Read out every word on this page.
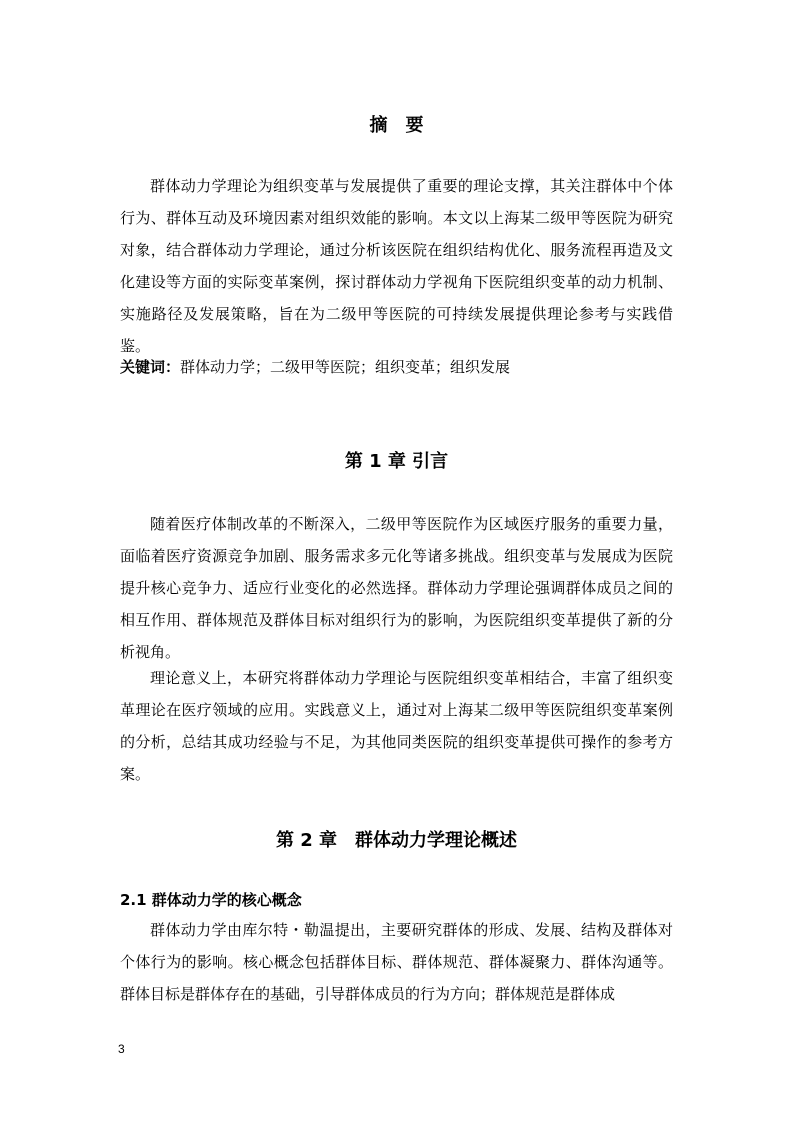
摘　要

群体动力学理论为组织变革与发展提供了重要的理论支撑，其关注群体中个体行为、群体互动及环境因素对组织效能的影响。本文以上海某二级甲等医院为研究对象，结合群体动力学理论，通过分析该医院在组织结构优化、服务流程再造及文化建设等方面的实际变革案例，探讨群体动力学视角下医院组织变革的动力机制、实施路径及发展策略，旨在为二级甲等医院的可持续发展提供理论参考与实践借鉴。

关键词：群体动力学；二级甲等医院；组织变革；组织发展
第 1 章 引言

随着医疗体制改革的不断深入，二级甲等医院作为区域医疗服务的重要力量，面临着医疗资源竞争加剧、服务需求多元化等诸多挑战。组织变革与发展成为医院提升核心竞争力、适应行业变化的必然选择。群体动力学理论强调群体成员之间的相互作用、群体规范及群体目标对组织行为的影响，为医院组织变革提供了新的分析视角。

理论意义上，本研究将群体动力学理论与医院组织变革相结合，丰富了组织变革理论在医疗领域的应用。实践意义上，通过对上海某二级甲等医院组织变革案例的分析，总结其成功经验与不足，为其他同类医院的组织变革提供可操作的参考方案。

第 2 章　群体动力学理论概述
2.1 群体动力学的核心概念

群体动力学由库尔特・勒温提出，主要研究群体的形成、发展、结构及群体对个体行为的影响。核心概念包括群体目标、群体规范、群体凝聚力、群体沟通等。群体目标是群体存在的基础，引导群体成员的行为方向；群体规范是群体成

3
